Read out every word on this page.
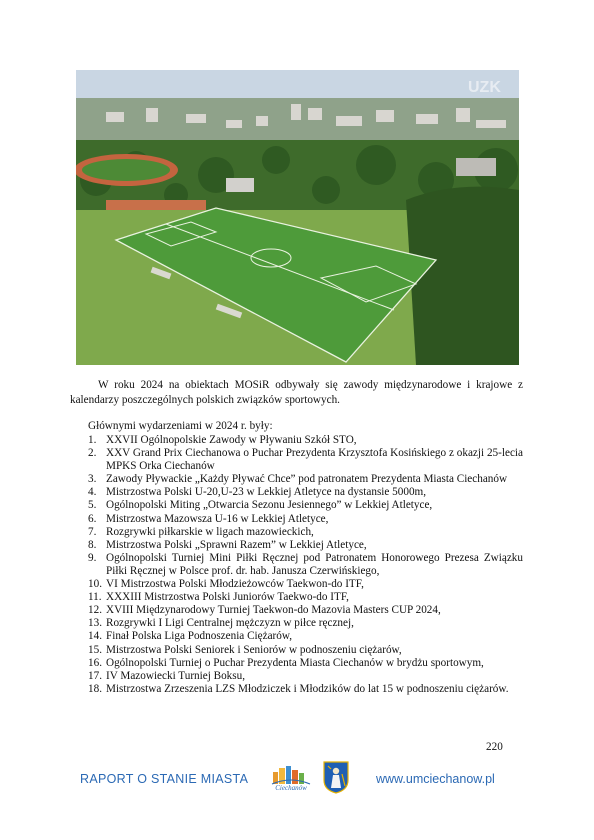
UZK

W roku 2024 na obiektach MOSiR odbywały się zawody międzynarodowe i krajowe z kalendarzy poszczególnych polskich związków sportowych.

Głównymi wydarzeniami w 2024 r. były:

1. XXVII Ogólnopolskie Zawody w Pływaniu Szkół STO,
2. XXV Grand Prix Ciechanowa o Puchar Prezydenta Krzysztofa Kosińskiego z okazji 25-lecia MPKS Orka Ciechanów
3. Zawody Pływackie „Każdy Pływać Chce” pod patronatem Prezydenta Miasta Ciechanów
4. Mistrzostwa Polski U-20,U-23 w Lekkiej Atletyce na dystansie 5000m,
5. Ogólnopolski Miting „Otwarcia Sezonu Jesiennego” w Lekkiej Atletyce,
6. Mistrzostwa Mazowsza U-16 w Lekkiej Atletyce,
7. Rozgrywki piłkarskie w ligach mazowieckich,
8. Mistrzostwa Polski „Sprawni Razem” w Lekkiej Atletyce,
9. Ogólnopolski Turniej Mini Piłki Ręcznej pod Patronatem Honorowego Prezesa Związku Piłki Ręcznej w Polsce prof. dr. hab. Janusza Czerwińskiego,
10. VI Mistrzostwa Polski Młodzieżowców Taekwon-do ITF,
11. XXXIII Mistrzostwa Polski Juniorów Taekwo-do ITF,
12. XVIII Międzynarodowy Turniej Taekwon-do Mazovia Masters CUP 2024,
13. Rozgrywki I Ligi Centralnej mężczyzn w piłce ręcznej,
14. Finał Polska Liga Podnoszenia Ciężarów,
15. Mistrzostwa Polski Seniorek i Seniorów w podnoszeniu ciężarów,
16. Ogólnopolski Turniej o Puchar Prezydenta Miasta Ciechanów w brydżu sportowym,
17. IV Mazowiecki Turniej Boksu,
18. Mistrzostwa Zrzeszenia LZS Młodziczek i Młodzików do lat 15 w podnoszeniu ciężarów.
220
RAPORT O STANIE MIASTA
Ciechanów
www.umciechanow.pl
